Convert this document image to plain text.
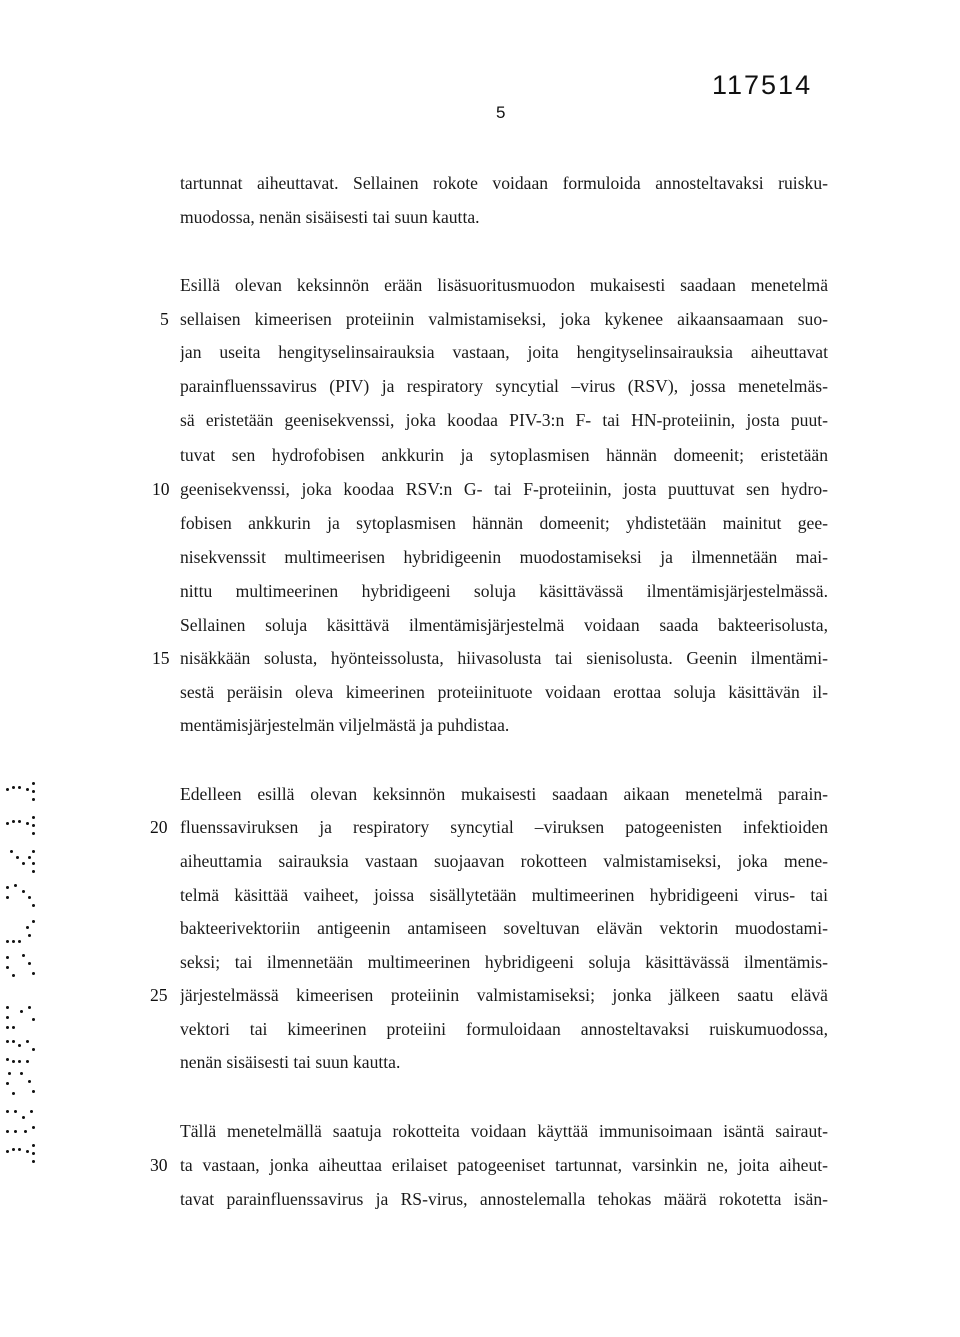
117514
5
tartunnat aiheuttavat. Sellainen rokote voidaan formuloida annosteltavaksi ruisku-
muodossa, nenän sisäisesti tai suun kautta.
Esillä olevan keksinnön erään lisäsuoritusmuodon mukaisesti saadaan menetelmä
sellaisen kimeerisen proteiinin valmistamiseksi, joka kykenee aikaansaamaan suo-
jan useita hengityselinsairauksia vastaan, joita hengityselinsairauksia aiheuttavat
parainfluenssavirus (PIV) ja respiratory syncytial –virus (RSV), jossa menetelmäs-
sä eristetään geenisekvenssi, joka koodaa PIV-3:n F- tai HN-proteiinin, josta puut-
tuvat sen hydrofobisen ankkurin ja sytoplasmisen hännän domeenit; eristetään
geenisekvenssi, joka koodaa RSV:n G- tai F-proteiinin, josta puuttuvat sen hydro-
fobisen ankkurin ja sytoplasmisen hännän domeenit; yhdistetään mainitut gee-
nisekvenssit multimeerisen hybridigeenin muodostamiseksi ja ilmennetään mai-
nittu multimeerinen hybridigeeni soluja käsittävässä ilmentämisjärjestelmässä.
Sellainen soluja käsittävä ilmentämisjärjestelmä voidaan saada bakteerisolusta,
nisäkkään solusta, hyönteissolusta, hiivasolusta tai sienisolusta. Geenin ilmentämi-
sestä peräisin oleva kimeerinen proteiinituote voidaan erottaa soluja käsittävän il-
mentämisjärjestelmän viljelmästä ja puhdistaa.
Edelleen esillä olevan keksinnön mukaisesti saadaan aikaan menetelmä parain-
fluenssaviruksen ja respiratory syncytial –viruksen patogeenisten infektioiden
aiheuttamia sairauksia vastaan suojaavan rokotteen valmistamiseksi, joka mene-
telmä käsittää vaiheet, joissa sisällytetään multimeerinen hybridigeeni virus- tai
bakteerivektoriin antigeenin antamiseen soveltuvan elävän vektorin muodostami-
seksi; tai ilmennetään multimeerinen hybridigeeni soluja käsittävässä ilmentämis-
järjestelmässä kimeerisen proteiinin valmistamiseksi; jonka jälkeen saatu elävä
vektori tai kimeerinen proteiini formuloidaan annosteltavaksi ruiskumuodossa,
nenän sisäisesti tai suun kautta.
Tällä menetelmällä saatuja rokotteita voidaan käyttää immunisoimaan isäntä sairaut-
ta vastaan, jonka aiheuttaa erilaiset patogeeniset tartunnat, varsinkin ne, joita aiheut-
tavat parainfluenssavirus ja RS-virus, annostelemalla tehokas määrä rokotetta isän-
5
10
15
20
25
30
